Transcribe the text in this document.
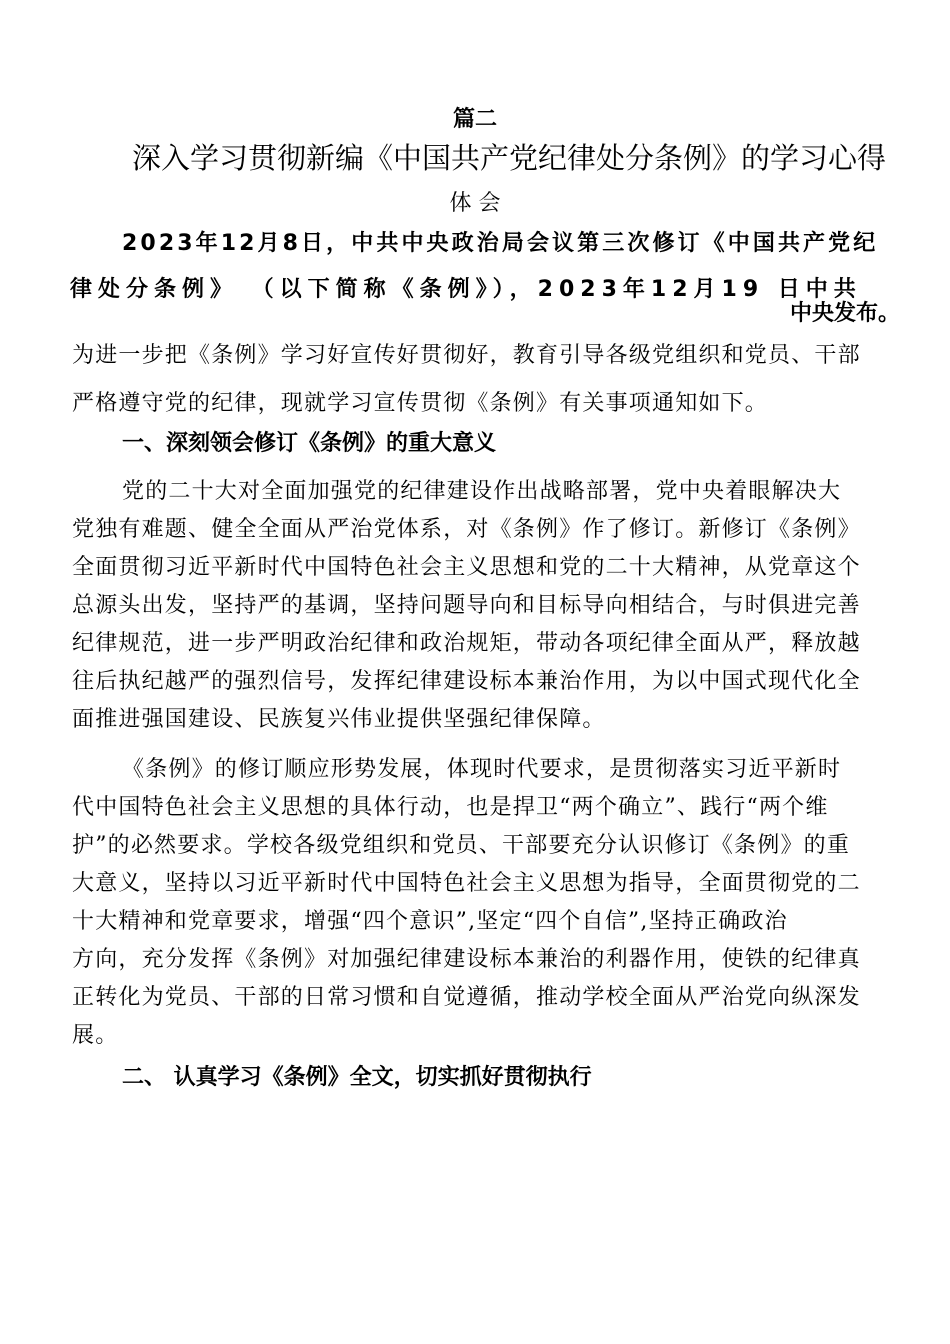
篇二
深入学习贯彻新编《中国共产党纪律处分条例》的学习心得
体 会
2023年12月8日，中共中央政治局会议第三次修订《中国共产党纪
律处分条例》 （以下简称《条例》），2023年12月19 日中共
中央发布。
为进一步把《条例》学习好宣传好贯彻好，教育引导各级党组织和党员、干部
严格遵守党的纪律，现就学习宣传贯彻《条例》有关事项通知如下。
一、深刻领会修订《条例》的重大意义
党的二十大对全面加强党的纪律建设作出战略部署，党中央着眼解决大
党独有难题、健全全面从严治党体系，对《条例》作了修订。新修订《条例》
全面贯彻习近平新时代中国特色社会主义思想和党的二十大精神，从党章这个
总源头出发，坚持严的基调，坚持问题导向和目标导向相结合，与时俱进完善
纪律规范，进一步严明政治纪律和政治规矩，带动各项纪律全面从严，释放越
往后执纪越严的强烈信号，发挥纪律建设标本兼治作用，为以中国式现代化全
面推进强国建设、民族复兴伟业提供坚强纪律保障。
《条例》的修订顺应形势发展，体现时代要求，是贯彻落实习近平新时
代中国特色社会主义思想的具体行动，也是捍卫“两个确立”、践行“两个维
护”的必然要求。学校各级党组织和党员、干部要充分认识修订《条例》的重
大意义，坚持以习近平新时代中国特色社会主义思想为指导，全面贯彻党的二
十大精神和党章要求，增强“四个意识”,坚定“四个自信”,坚持正确政治
方向，充分发挥《条例》对加强纪律建设标本兼治的利器作用，使铁的纪律真
正转化为党员、干部的日常习惯和自觉遵循，推动学校全面从严治党向纵深发
展。
二、 认真学习《条例》全文，切实抓好贯彻执行
